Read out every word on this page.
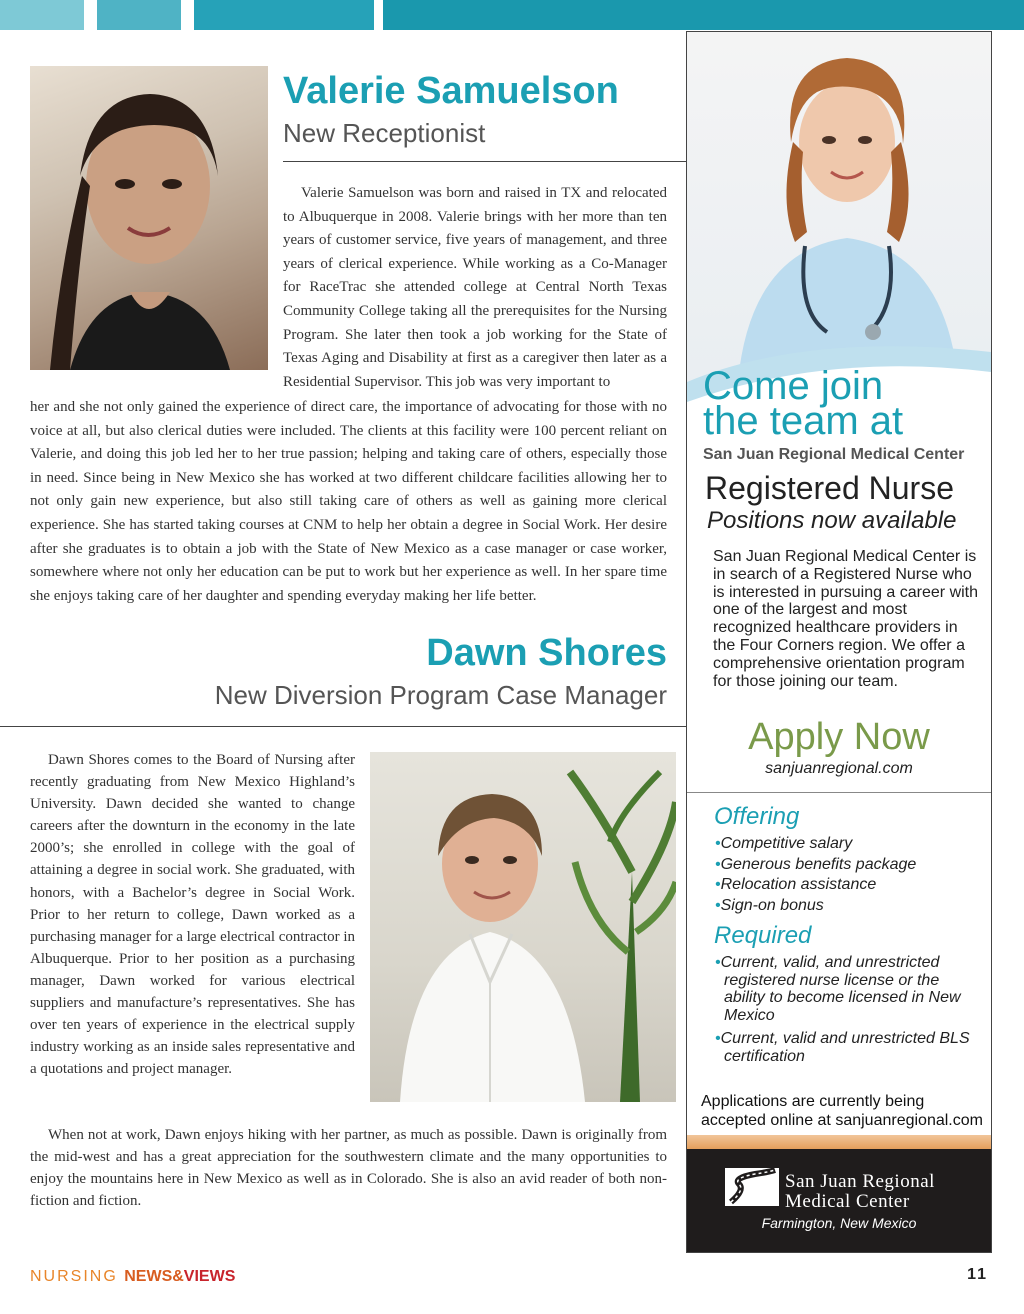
Valerie Samuelson
New Receptionist
Valerie Samuelson was born and raised in TX and relocated to Albuquerque in 2008. Valerie brings with her more than ten years of customer service, five years of management, and three years of clerical experience. While working as a Co-Manager for RaceTrac she attended college at Central North Texas Community College taking all the prerequisites for the Nursing Program. She later then took a job working for the State of Texas Aging and Disability at first as a caregiver then later as a Residential Supervisor. This job was very important to
her and she not only gained the experience of direct care, the importance of advocating for those with no voice at all, but also clerical duties were included. The clients at this facility were 100 percent reliant on Valerie, and doing this job led her to her true passion; helping and taking care of others, especially those in need. Since being in New Mexico she has worked at two different childcare facilities allowing her to not only gain new experience, but also still taking care of others as well as gaining more clerical experience. She has started taking courses at CNM to help her obtain a degree in Social Work. Her desire after she graduates is to obtain a job with the State of New Mexico as a case manager or case worker, somewhere where not only her education can be put to work but her experience as well. In her spare time she enjoys taking care of her daughter and spending everyday making her life better.
Dawn Shores
New Diversion Program Case Manager
Dawn Shores comes to the Board of Nursing after recently graduating from New Mexico Highland’s University. Dawn decided she wanted to change careers after the downturn in the economy in the late 2000’s; she enrolled in college with the goal of attaining a degree in social work. She graduated, with honors, with a Bachelor’s degree in Social Work. Prior to her return to college, Dawn worked as a purchasing manager for a large electrical contractor in Albuquerque. Prior to her position as a purchasing manager, Dawn worked for various electrical suppliers and manufacture’s representatives. She has over ten years of experience in the electrical supply industry working as an inside sales representative and a quotations and project manager.
When not at work, Dawn enjoys hiking with her partner, as much as possible. Dawn is originally from the mid-west and has a great appreciation for the southwestern climate and the many opportunities to enjoy the mountains here in New Mexico as well as in Colorado. She is also an avid reader of both non-fiction and fiction.
NURSING NEWS&VIEWS	11
Come join the team at
San Juan Regional Medical Center
Registered Nurse
Positions now available
San Juan Regional Medical Center is in search of a Registered Nurse who is interested in pursuing a career with one of the largest and most recognized healthcare providers in the Four Corners region. We offer a comprehensive orientation program for those joining our team.
Apply Now
sanjuanregional.com
Offering
• Competitive salary
• Generous benefits package
• Relocation assistance
• Sign-on bonus
Required
• Current, valid, and unrestricted registered nurse license or the ability to become licensed in New Mexico
• Current, valid and unrestricted BLS certification
Applications are currently being accepted online at sanjuanregional.com
San Juan Regional
Medical Center
Farmington, New Mexico
